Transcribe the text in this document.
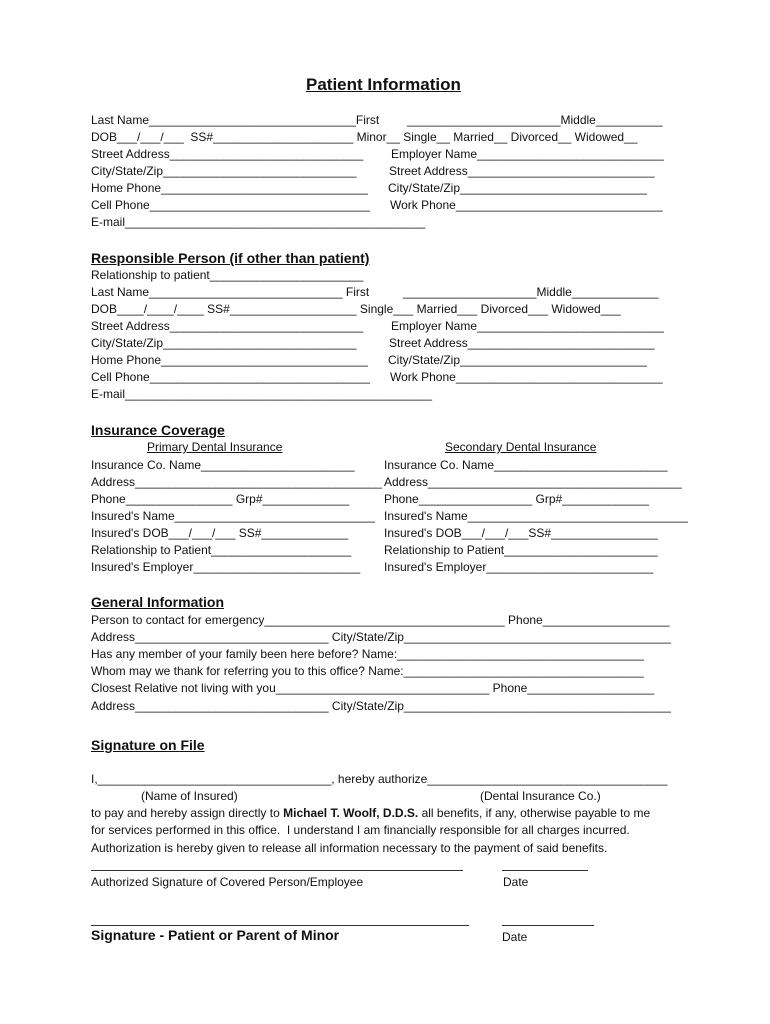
Patient Information
Last Name_______________________________First _______________________Middle__________
DOB___/___/___  SS#_____________________ Minor__ Single__ Married__ Divorced__ Widowed__
Street Address_____________________________ Employer Name____________________________
City/State/Zip_____________________________	Street Address____________________________
Home Phone_______________________________ City/State/Zip____________________________
Cell Phone_________________________________ Work Phone_______________________________
E-mail_____________________________________________
Responsible Person (if other than patient)
Relationship to patient_______________________
Last Name_____________________________ First	____________________Middle_____________
DOB____/____/____ SS#___________________ Single___ Married___ Divorced___ Widowed___
Street Address_____________________________ Employer Name____________________________
City/State/Zip_____________________________	Street Address____________________________
Home Phone_______________________________ City/State/Zip____________________________
Cell Phone_________________________________ Work Phone_______________________________
E-mail______________________________________________
Insurance Coverage
Primary Dental Insurance	Secondary Dental Insurance
Insurance Co. Name_______________________ Insurance Co. Name__________________________
Address_____________________________________ Address______________________________________
Phone________________ Grp#_____________	Phone_________________ Grp#_____________
Insured's Name______________________________ Insured's Name_________________________________
Insured's DOB___/___/___ SS#_____________	Insured's DOB___/___/___SS#________________
Relationship to Patient_____________________	Relationship to Patient_______________________
Insured's Employer_________________________ Insured's Employer_________________________
General Information
Person to contact for emergency____________________________________ Phone___________________
Address_____________________________ City/State/Zip________________________________________
Has any member of your family been here before? Name:_____________________________________
Whom may we thank for referring you to this office? Name:____________________________________
Closest Relative not living with you________________________________ Phone___________________
Address_____________________________ City/State/Zip________________________________________
Signature on File
I,___________________________________, hereby authorize____________________________________
(Name of Insured)	(Dental Insurance Co.)
to pay and hereby assign directly to Michael T. Woolf, D.D.S. all benefits, if any, otherwise payable to me
for services performed in this office.  I understand I am financially responsible for all charges incurred.
Authorization is hereby given to release all information necessary to the payment of said benefits.
Authorized Signature of Covered Person/Employee	Date
Signature - Patient or Parent of Minor	Date
